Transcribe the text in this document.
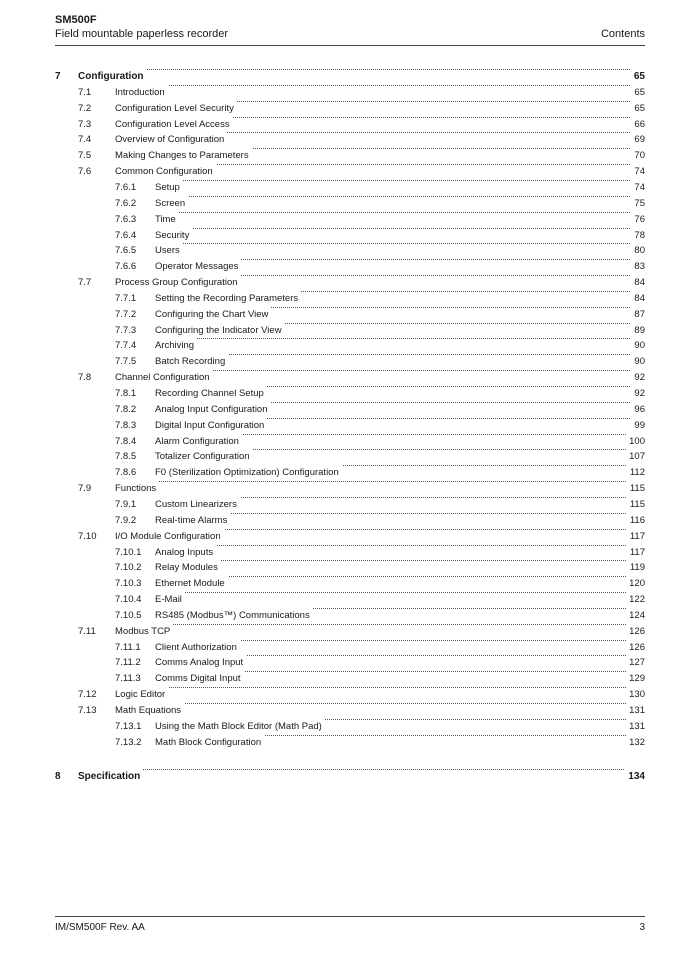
SM500F
Field mountable paperless recorder	Contents
7 Configuration	65
7.1	Introduction	65
7.2	Configuration Level Security	65
7.3	Configuration Level Access	66
7.4	Overview of Configuration	69
7.5	Making Changes to Parameters	70
7.6	Common Configuration	74
7.6.1 Setup	74
7.6.2 Screen	75
7.6.3 Time	76
7.6.4 Security	78
7.6.5 Users	80
7.6.6 Operator Messages	83
7.7	Process Group Configuration	84
7.7.1 Setting the Recording Parameters	84
7.7.2 Configuring the Chart View	87
7.7.3 Configuring the Indicator View	89
7.7.4 Archiving	90
7.7.5 Batch Recording	90
7.8	Channel Configuration	92
7.8.1 Recording Channel Setup	92
7.8.2 Analog Input Configuration	96
7.8.3 Digital Input Configuration	99
7.8.4 Alarm Configuration	100
7.8.5 Totalizer Configuration	107
7.8.6 F0 (Sterilization Optimization) Configuration	112
7.9	Functions	115
7.9.1 Custom Linearizers	115
7.9.2 Real-time Alarms	116
7.10 I/O Module Configuration	117
7.10.1 Analog Inputs	117
7.10.2 Relay Modules	119
7.10.3 Ethernet Module	120
7.10.4 E-Mail	122
7.10.5 RS485 (Modbus™) Communications	124
7.11 Modbus TCP	126
7.11.1 Client Authorization	126
7.11.2 Comms Analog Input	127
7.11.3 Comms Digital Input	129
7.12 Logic Editor	130
7.13 Math Equations	131
7.13.1 Using the Math Block Editor (Math Pad)	131
7.13.2 Math Block Configuration	132
8 Specification	134
IM/SM500F Rev. AA	3
